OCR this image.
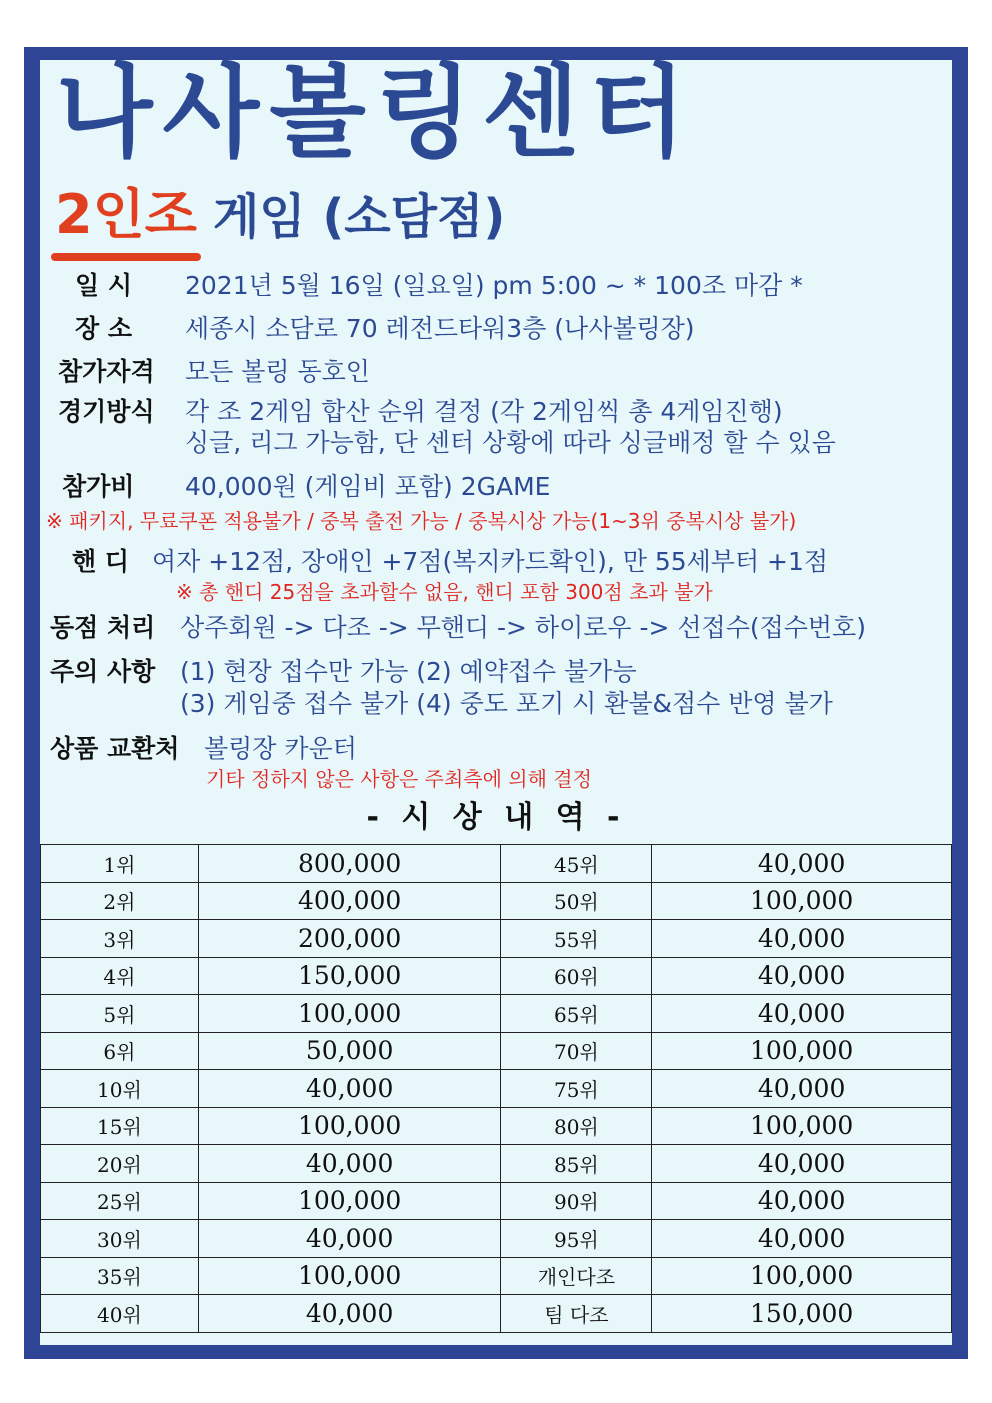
나사볼링센터
2인조 게임 (소담점)
일 시 2021년 5월 16일 (일요일) pm 5:00 ~ * 100조 마감 *
장 소 세종시 소담로 70 레전드타워3층 (나사볼링장)
참가자격 모든 볼링 동호인
경기방식 각 조 2게임 합산 순위 결정 (각 2게임씩 총 4게임진행)
싱글, 리그 가능함, 단 센터 상황에 따라 싱글배정 할 수 있음
참가비 40,000원 (게임비 포함) 2GAME
※ 패키지, 무료쿠폰 적용불가 / 중복 출전 가능 / 중복시상 가능(1~3위 중복시상 불가)
핸 디 여자 +12점, 장애인 +7점(복지카드확인), 만 55세부터 +1점
※ 총 핸디 25점을 초과할수 없음, 핸디 포함 300점 초과 불가
동점 처리 상주회원 -> 다조 -> 무핸디 -> 하이로우 -> 선접수(접수번호)
주의 사항 (1) 현장 접수만 가능 (2) 예약접수 불가능
(3) 게임중 접수 불가 (4) 중도 포기 시 환불&점수 반영 불가
상품 교환처 볼링장 카운터
기타 정하지 않은 사항은 주최측에 의해 결정
- 시 상 내 역 -
1위	800,000	45위	40,000
2위	400,000	50위	100,000
3위	200,000	55위	40,000
4위	150,000	60위	40,000
5위	100,000	65위	40,000
6위	50,000	70위	100,000
10위	40,000	75위	40,000
15위	100,000	80위	100,000
20위	40,000	85위	40,000
25위	100,000	90위	40,000
30위	40,000	95위	40,000
35위	100,000	개인다조	100,000
40위	40,000	팀 다조	150,000
